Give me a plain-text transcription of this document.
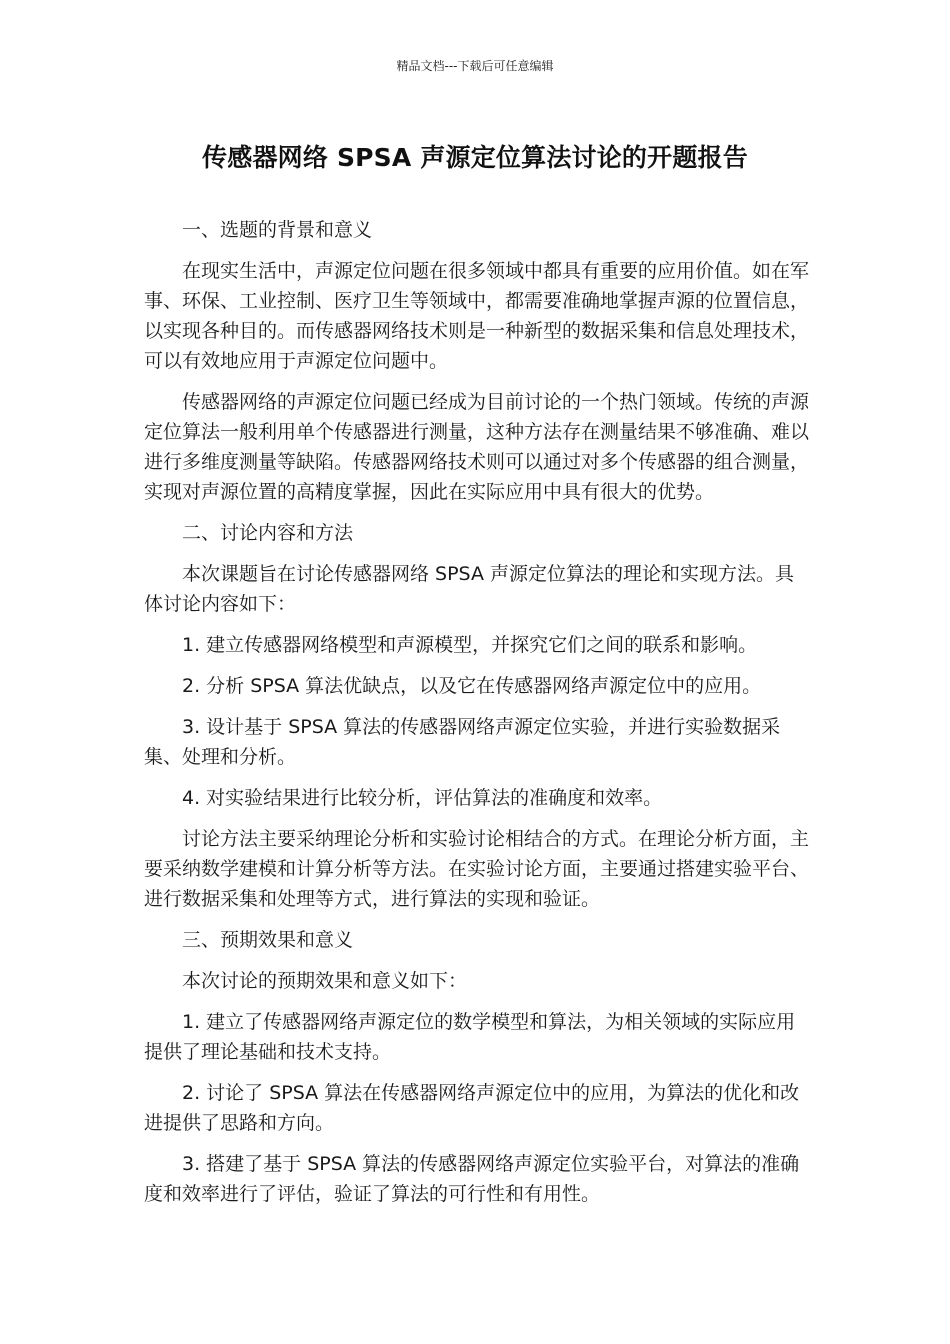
精品文档---下载后可任意编辑
传感器网络 SPSA 声源定位算法讨论的开题报告

一、选题的背景和意义

在现实生活中，声源定位问题在很多领域中都具有重要的应用价值。如在军事、环保、工业控制、医疗卫生等领域中，都需要准确地掌握声源的位置信息，以实现各种目的。而传感器网络技术则是一种新型的数据采集和信息处理技术，可以有效地应用于声源定位问题中。

传感器网络的声源定位问题已经成为目前讨论的一个热门领域。传统的声源定位算法一般利用单个传感器进行测量，这种方法存在测量结果不够准确、难以进行多维度测量等缺陷。传感器网络技术则可以通过对多个传感器的组合测量，实现对声源位置的高精度掌握，因此在实际应用中具有很大的优势。

二、讨论内容和方法

本次课题旨在讨论传感器网络 SPSA 声源定位算法的理论和实现方法。具体讨论内容如下：

1. 建立传感器网络模型和声源模型，并探究它们之间的联系和影响。

2. 分析 SPSA 算法优缺点，以及它在传感器网络声源定位中的应用。

3. 设计基于 SPSA 算法的传感器网络声源定位实验，并进行实验数据采集、处理和分析。

4. 对实验结果进行比较分析，评估算法的准确度和效率。

讨论方法主要采纳理论分析和实验讨论相结合的方式。在理论分析方面，主要采纳数学建模和计算分析等方法。在实验讨论方面，主要通过搭建实验平台、进行数据采集和处理等方式，进行算法的实现和验证。

三、预期效果和意义

本次讨论的预期效果和意义如下：

1. 建立了传感器网络声源定位的数学模型和算法，为相关领域的实际应用提供了理论基础和技术支持。

2. 讨论了 SPSA 算法在传感器网络声源定位中的应用，为算法的优化和改进提供了思路和方向。

3. 搭建了基于 SPSA 算法的传感器网络声源定位实验平台，对算法的准确度和效率进行了评估，验证了算法的可行性和有用性。
